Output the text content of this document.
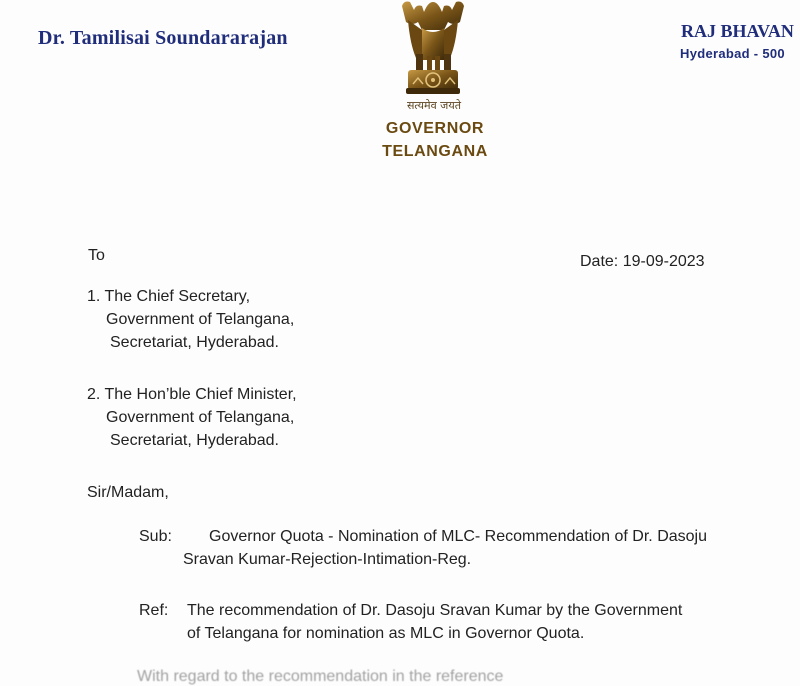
Dr. Tamilisai Soundararajan	RAJ BHAVAN
Hyderabad - 500
सत्यमेव जयते
GOVERNOR
TELANGANA
To	Date: 19-09-2023
1. The Chief Secretary,
Government of Telangana,
Secretariat, Hyderabad.
2. The Hon’ble Chief Minister,
Government of Telangana,
Secretariat, Hyderabad.
Sir/Madam,
Sub: Governor Quota - Nomination of MLC- Recommendation of Dr. Dasoju
Sravan Kumar-Rejection-Intimation-Reg.
Ref: The recommendation of Dr. Dasoju Sravan Kumar by the Government
of Telangana for nomination as MLC in Governor Quota.
With regard to the recommendation in the reference
